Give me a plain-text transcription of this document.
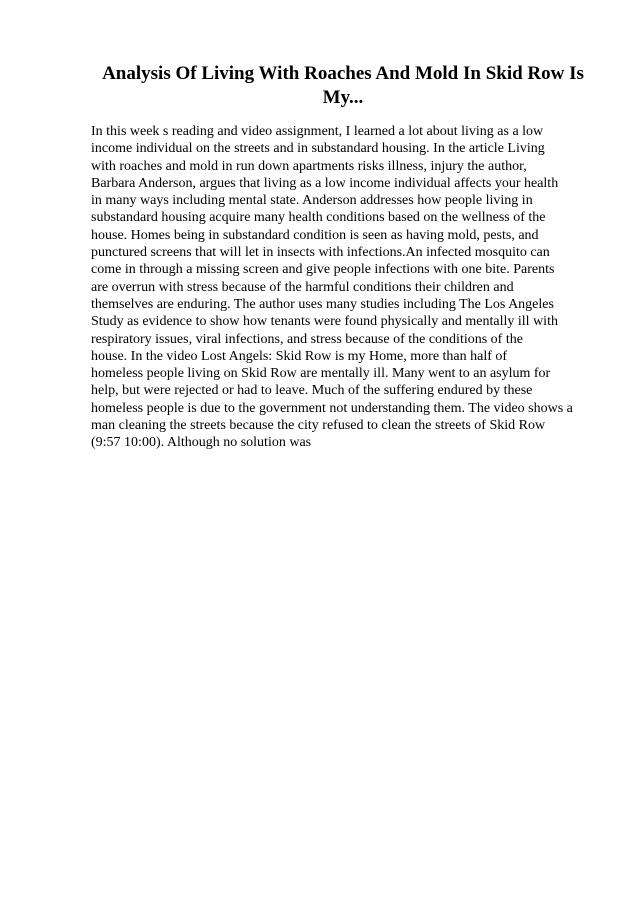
Analysis Of Living With Roaches And Mold In Skid Row Is
My...

In this week s reading and video assignment, I learned a lot about living as a low
income individual on the streets and in substandard housing. In the article Living
with roaches and mold in run down apartments risks illness, injury the author,
Barbara Anderson, argues that living as a low income individual affects your health
in many ways including mental state. Anderson addresses how people living in
substandard housing acquire many health conditions based on the wellness of the
house. Homes being in substandard condition is seen as having mold, pests, and
punctured screens that will let in insects with infections.An infected mosquito can
come in through a missing screen and give people infections with one bite. Parents
are overrun with stress because of the harmful conditions their children and
themselves are enduring. The author uses many studies including The Los Angeles
Study as evidence to show how tenants were found physically and mentally ill with
respiratory issues, viral infections, and stress because of the conditions of the
house. In the video Lost Angels: Skid Row is my Home, more than half of
homeless people living on Skid Row are mentally ill. Many went to an asylum for
help, but were rejected or had to leave. Much of the suffering endured by these
homeless people is due to the government not understanding them. The video shows a
man cleaning the streets because the city refused to clean the streets of Skid Row
(9:57 10:00). Although no solution was
